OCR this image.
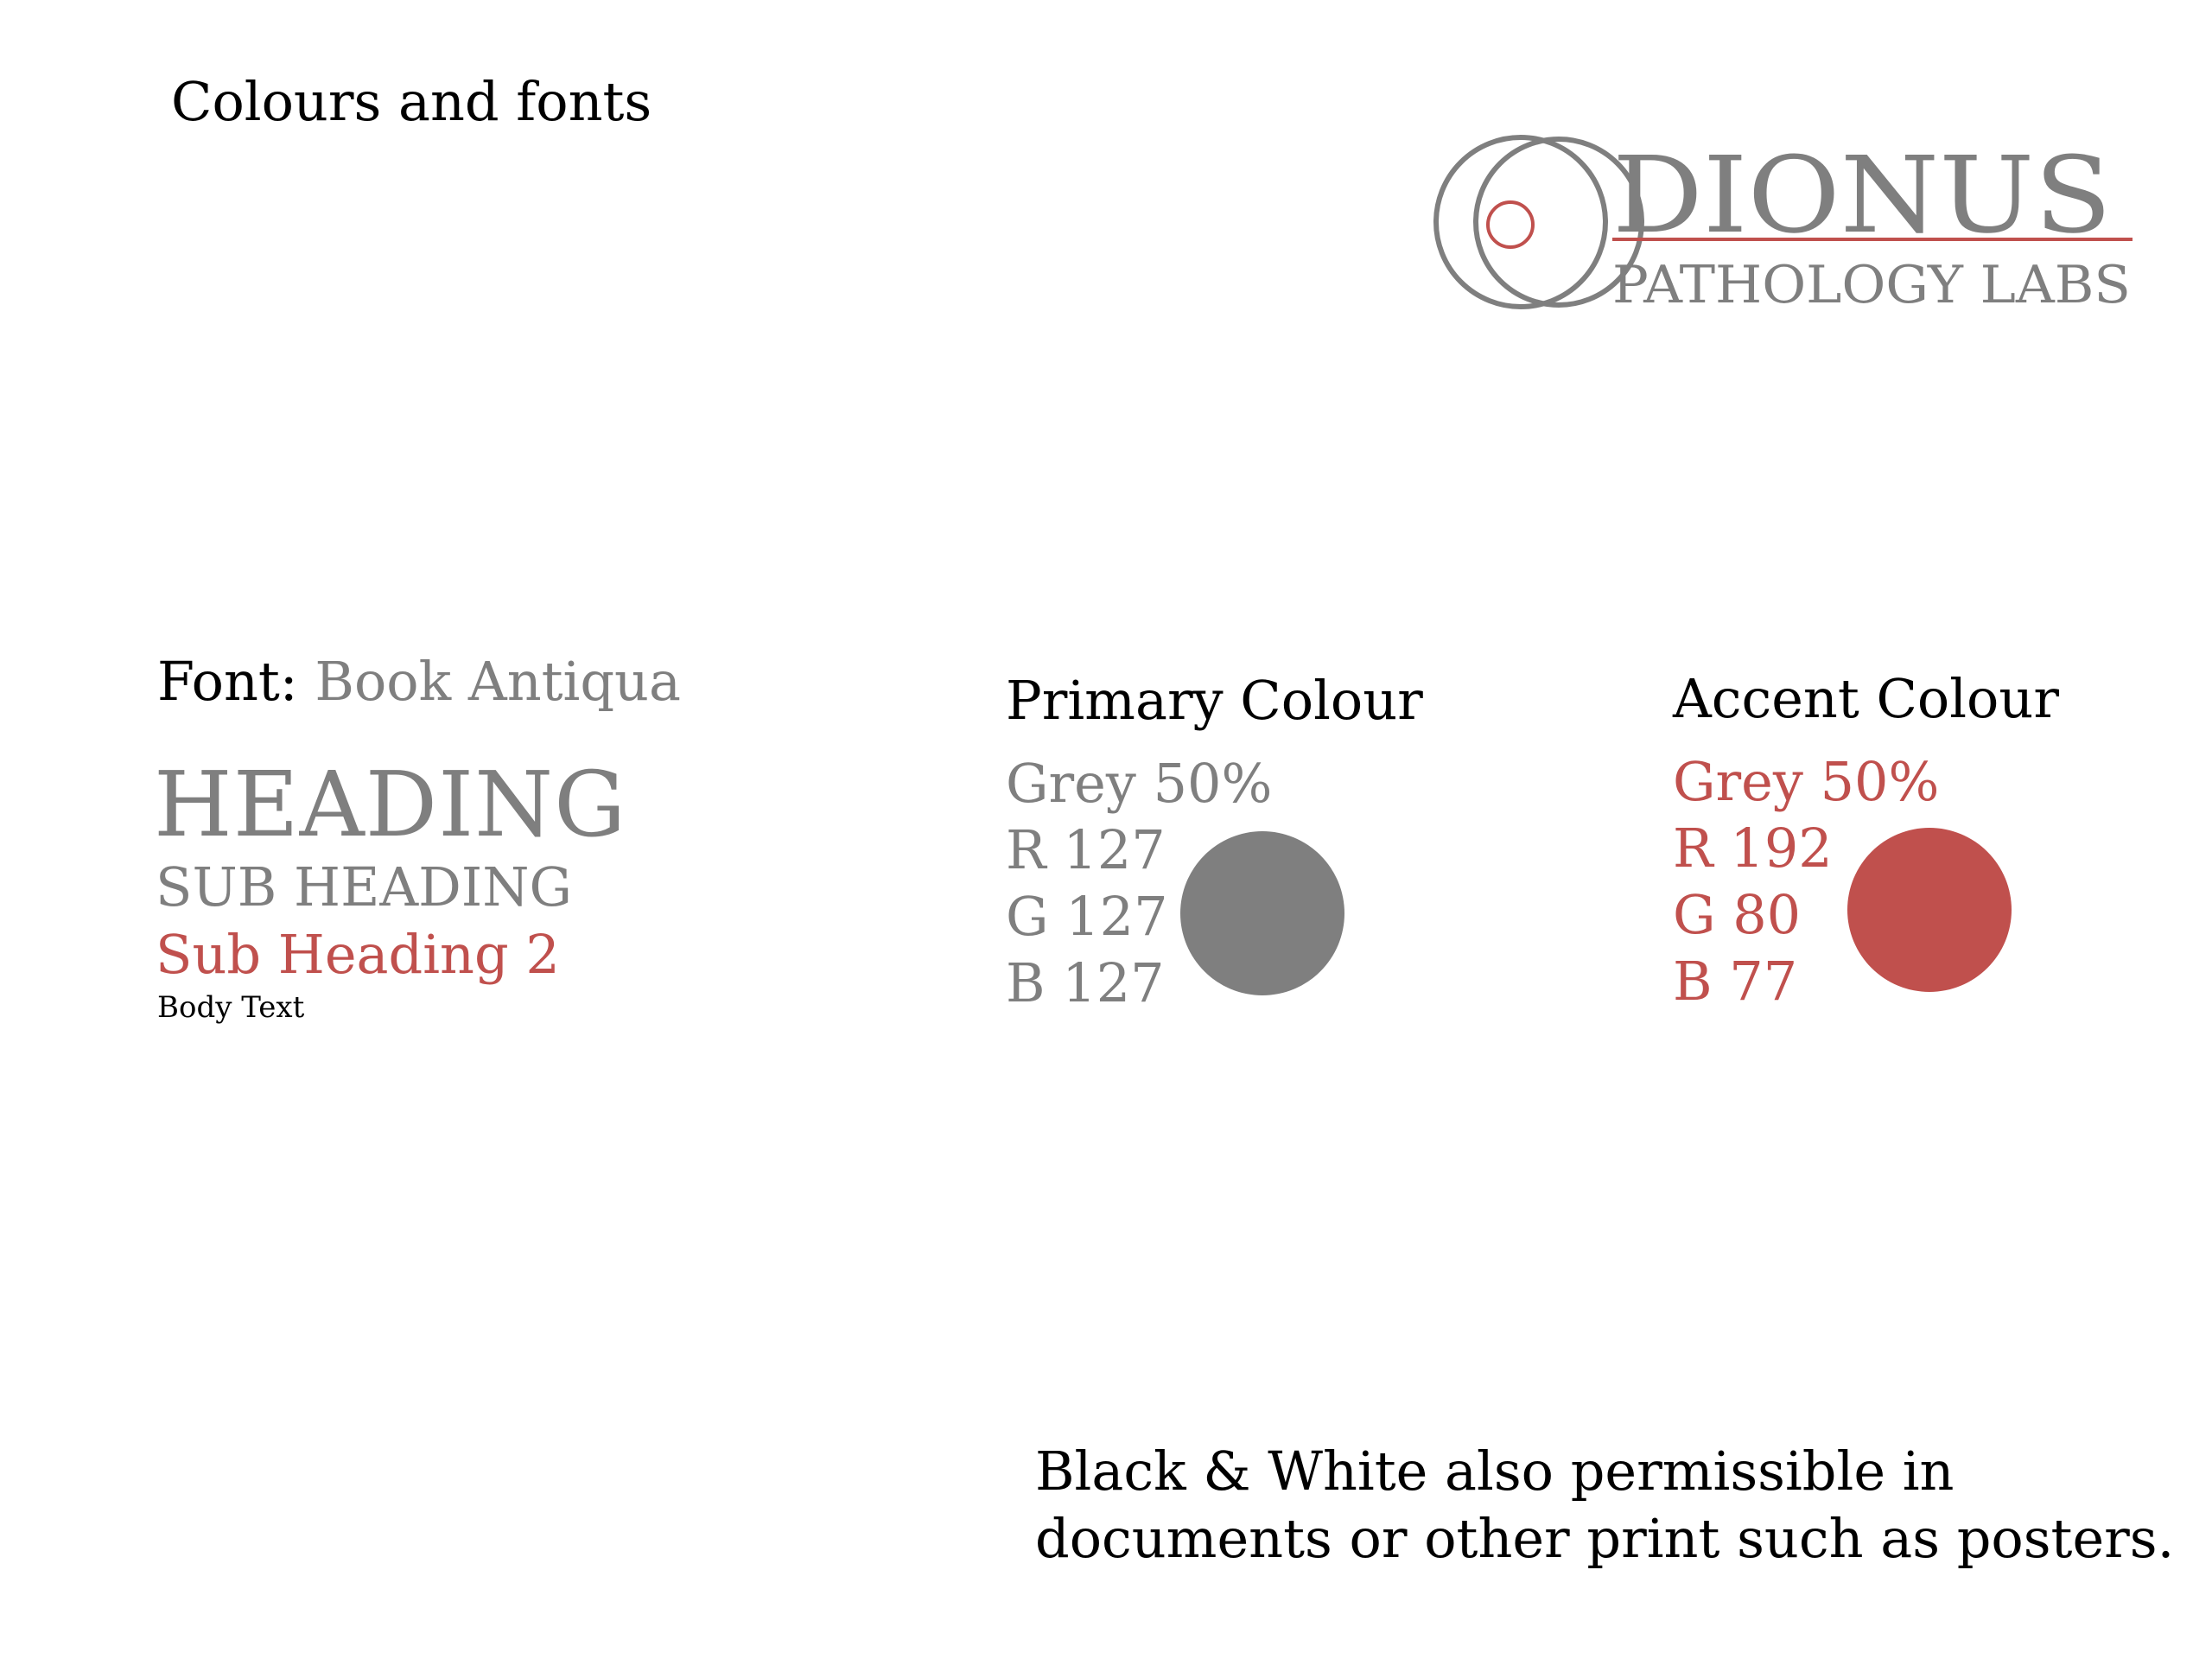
Colours and fonts
DIONUS
PATHOLOGY LABS
Font: Book Antiqua
HEADING
SUB HEADING
Sub Heading 2
Body Text
Primary Colour
Grey 50%
R 127
G 127
B 127
Accent Colour
Grey 50%
R 192
G 80
B 77
Black & White also permissible in
documents or other print such as posters.
